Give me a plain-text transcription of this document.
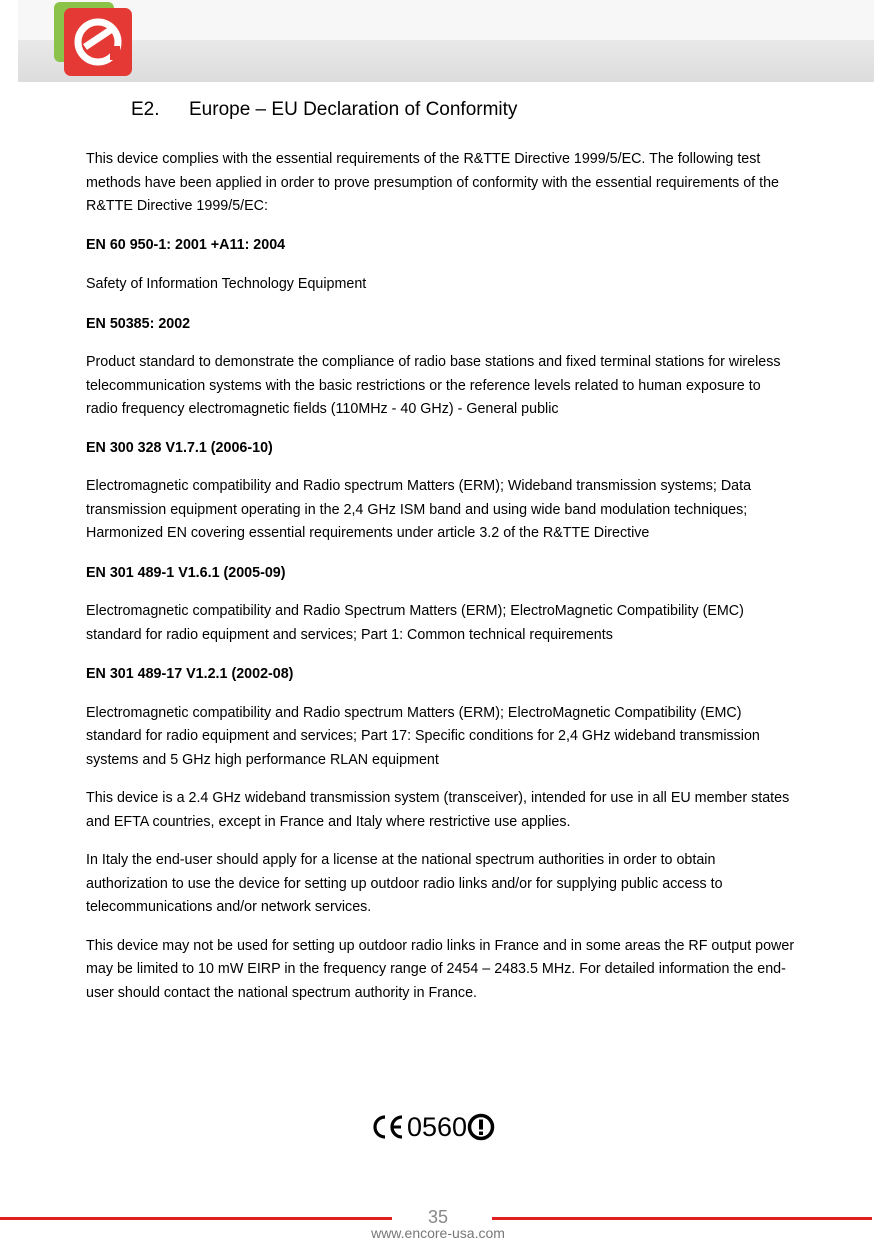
E2. Europe – EU Declaration of Conformity

This device complies with the essential requirements of the R&TTE Directive 1999/5/EC. The following test methods have been applied in order to prove presumption of conformity with the essential requirements of the R&TTE Directive 1999/5/EC:

EN 60 950-1: 2001 +A11: 2004

Safety of Information Technology Equipment

EN 50385: 2002

Product standard to demonstrate the compliance of radio base stations and fixed terminal stations for wireless telecommunication systems with the basic restrictions or the reference levels related to human exposure to radio frequency electromagnetic fields (110MHz - 40 GHz) - General public

EN 300 328 V1.7.1 (2006-10)

Electromagnetic compatibility and Radio spectrum Matters (ERM); Wideband transmission systems; Data transmission equipment operating in the 2,4 GHz ISM band and using wide band modulation techniques; Harmonized EN covering essential requirements under article 3.2 of the R&TTE Directive

EN 301 489-1 V1.6.1 (2005-09)

Electromagnetic compatibility and Radio Spectrum Matters (ERM); ElectroMagnetic Compatibility (EMC) standard for radio equipment and services; Part 1: Common technical requirements

EN 301 489-17 V1.2.1 (2002-08)

Electromagnetic compatibility and Radio spectrum Matters (ERM); ElectroMagnetic Compatibility (EMC) standard for radio equipment and services; Part 17: Specific conditions for 2,4 GHz wideband transmission systems and 5 GHz high performance RLAN equipment

This device is a 2.4 GHz wideband transmission system (transceiver), intended for use in all EU member states and EFTA countries, except in France and Italy where restrictive use applies.

In Italy the end-user should apply for a license at the national spectrum authorities in order to obtain authorization to use the device for setting up outdoor radio links and/or for supplying public access to telecommunications and/or network services.

This device may not be used for setting up outdoor radio links in France and in some areas the RF output power may be limited to 10 mW EIRP in the frequency range of 2454 – 2483.5 MHz. For detailed information the end-user should contact the national spectrum authority in France.

0560
35
www.encore-usa.com
